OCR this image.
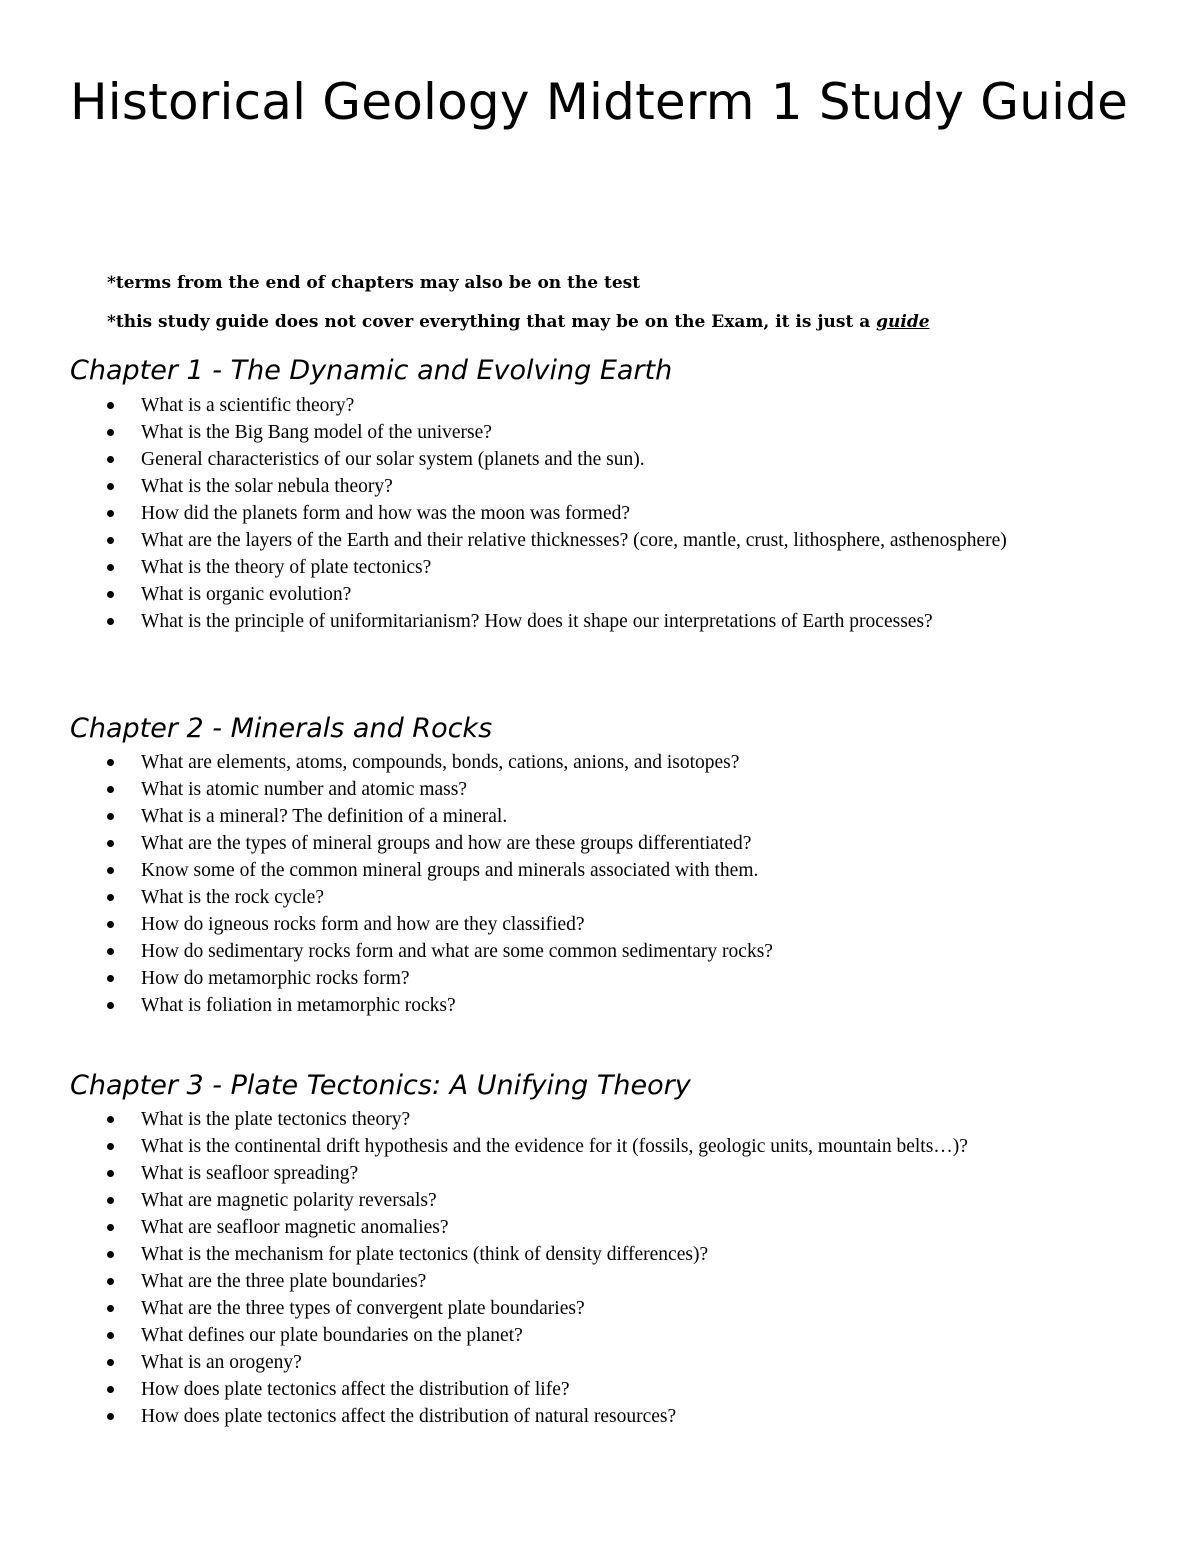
Historical Geology Midterm 1 Study Guide
*terms from the end of chapters may also be on the test
*this study guide does not cover everything that may be on the Exam, it is just a guide
Chapter 1 - The Dynamic and Evolving Earth
What is a scientific theory?
What is the Big Bang model of the universe?
General characteristics of our solar system (planets and the sun).
What is the solar nebula theory?
How did the planets form and how was the moon was formed?
What are the layers of the Earth and their relative thicknesses? (core, mantle, crust, lithosphere, asthenosphere)
What is the theory of plate tectonics?
What is organic evolution?
What is the principle of uniformitarianism? How does it shape our interpretations of Earth processes?
Chapter 2 - Minerals and Rocks
What are elements, atoms, compounds, bonds, cations, anions, and isotopes?
What is atomic number and atomic mass?
What is a mineral? The definition of a mineral.
What are the types of mineral groups and how are these groups differentiated?
Know some of the common mineral groups and minerals associated with them.
What is the rock cycle?
How do igneous rocks form and how are they classified?
How do sedimentary rocks form and what are some common sedimentary rocks?
How do metamorphic rocks form?
What is foliation in metamorphic rocks?
Chapter 3 - Plate Tectonics: A Unifying Theory
What is the plate tectonics theory?
What is the continental drift hypothesis and the evidence for it (fossils, geologic units, mountain belts…)?
What is seafloor spreading?
What are magnetic polarity reversals?
What are seafloor magnetic anomalies?
What is the mechanism for plate tectonics (think of density differences)?
What are the three plate boundaries?
What are the three types of convergent plate boundaries?
What defines our plate boundaries on the planet?
What is an orogeny?
How does plate tectonics affect the distribution of life?
How does plate tectonics affect the distribution of natural resources?
